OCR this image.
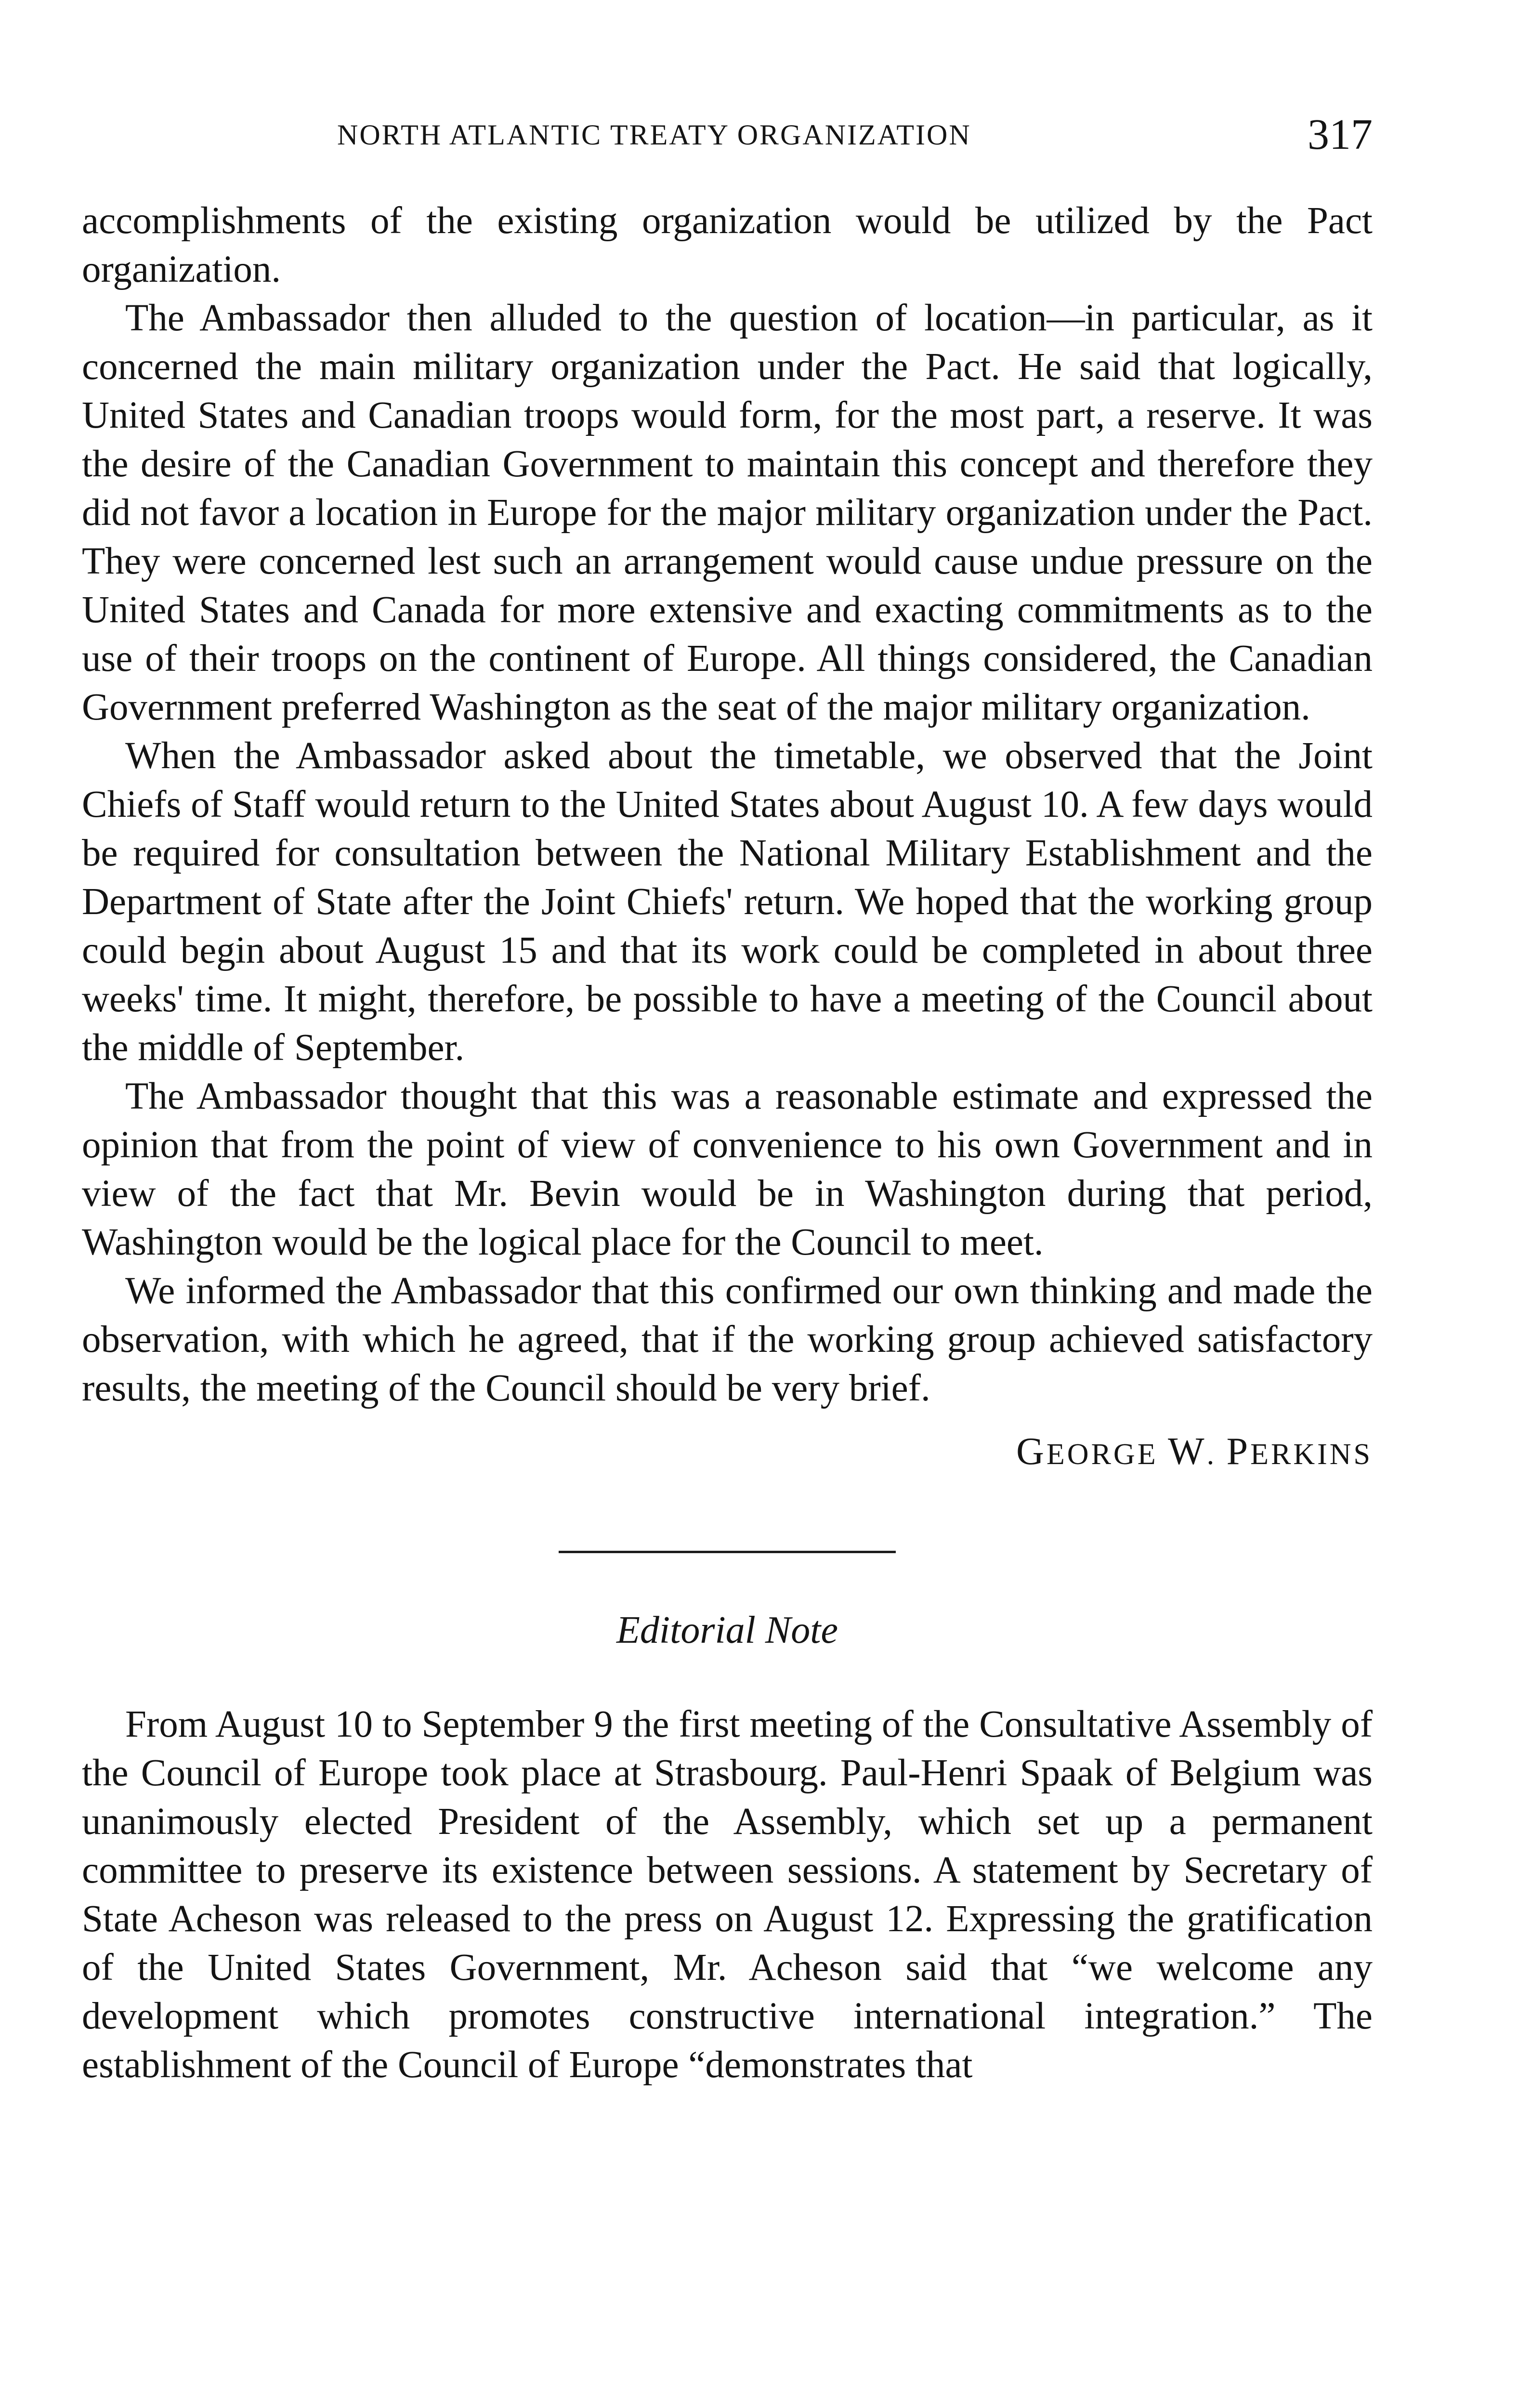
NORTH ATLANTIC TREATY ORGANIZATION	317

accomplishments of the existing organization would be utilized by the Pact organization.

The Ambassador then alluded to the question of location—in particular, as it concerned the main military organization under the Pact. He said that logically, United States and Canadian troops would form, for the most part, a reserve. It was the desire of the Canadian Government to maintain this concept and therefore they did not favor a location in Europe for the major military organization under the Pact. They were concerned lest such an arrangement would cause undue pressure on the United States and Canada for more extensive and exacting commitments as to the use of their troops on the continent of Europe. All things considered, the Canadian Government preferred Washington as the seat of the major military organization.

When the Ambassador asked about the timetable, we observed that the Joint Chiefs of Staff would return to the United States about August 10. A few days would be required for consultation between the National Military Establishment and the Department of State after the Joint Chiefs' return. We hoped that the working group could begin about August 15 and that its work could be completed in about three weeks' time. It might, therefore, be possible to have a meeting of the Council about the middle of September.

The Ambassador thought that this was a reasonable estimate and expressed the opinion that from the point of view of convenience to his own Government and in view of the fact that Mr. Bevin would be in Washington during that period, Washington would be the logical place for the Council to meet.

We informed the Ambassador that this confirmed our own thinking and made the observation, with which he agreed, that if the working group achieved satisfactory results, the meeting of the Council should be very brief.

GEORGE W. PERKINS

Editorial Note

From August 10 to September 9 the first meeting of the Consultative Assembly of the Council of Europe took place at Strasbourg. Paul-Henri Spaak of Belgium was unanimously elected President of the Assembly, which set up a permanent committee to preserve its existence between sessions. A statement by Secretary of State Acheson was released to the press on August 12. Expressing the gratification of the United States Government, Mr. Acheson said that “we welcome any development which promotes constructive international integration.” The establishment of the Council of Europe “demonstrates that
